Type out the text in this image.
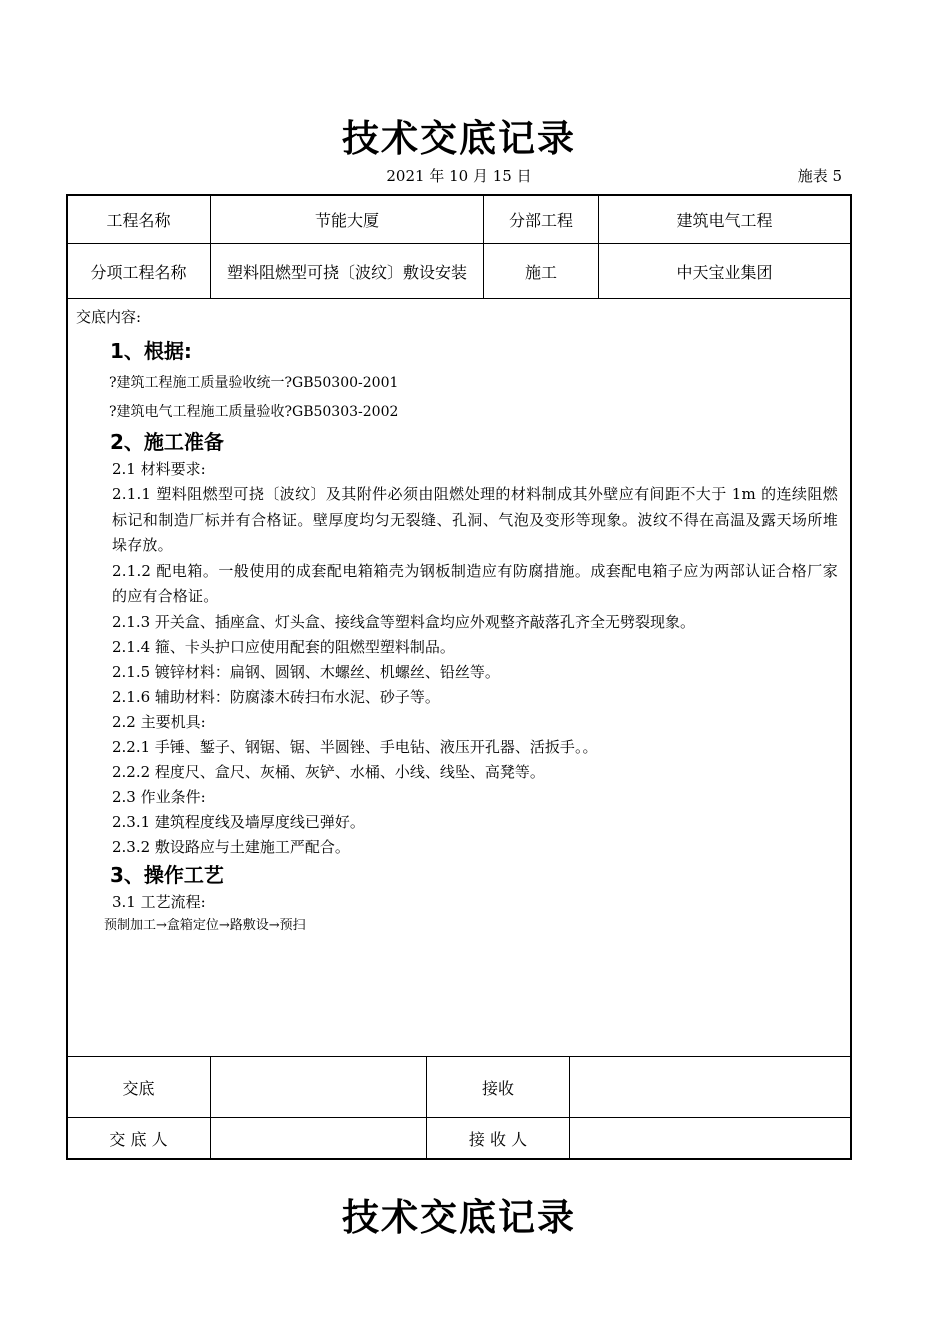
技术交底记录
2021 年 10 月 15 日	施表 5
工程名称	节能大厦	分部工程	建筑电气工程
分项工程名称	塑料阻燃型可挠〔波纹〕敷设安装	施工	中天宝业集团
交底内容:
1、根据:
?建筑工程施工质量验收统一?GB50300-2001
?建筑电气工程施工质量验收?GB50303-2002
2、施工准备
2.1 材料要求:
2.1.1 塑料阻燃型可挠〔波纹〕及其附件必须由阻燃处理的材料制成其外壁应有间距不大于 1m 的连续阻燃标记和制造厂标并有合格证。壁厚度均匀无裂缝、孔洞、气泡及变形等现象。波纹不得在高温及露天场所堆垛存放。
2.1.2 配电箱。一般使用的成套配电箱箱壳为钢板制造应有防腐措施。成套配电箱子应为两部认证合格厂家的应有合格证。
2.1.3 开关盒、插座盒、灯头盒、接线盒等塑料盒均应外观整齐敲落孔齐全无劈裂现象。
2.1.4 箍、卡头护口应使用配套的阻燃型塑料制品。
2.1.5 镀锌材料：扁钢、圆钢、木螺丝、机螺丝、铅丝等。
2.1.6 辅助材料：防腐漆木砖扫布水泥、砂子等。
2.2 主要机具:
2.2.1 手锤、錾子、钢锯、锯、半圆锉、手电钻、液压开孔器、活扳手。。
2.2.2 程度尺、盒尺、灰桶、灰铲、水桶、小线、线坠、高凳等。
2.3 作业条件:
2.3.1 建筑程度线及墙厚度线已弹好。
2.3.2 敷设路应与土建施工严配合。
3、操作工艺
3.1 工艺流程:
预制加工→盒箱定位→路敷设→预扫
交底	接收
交 底 人	接 收 人
技术交底记录
